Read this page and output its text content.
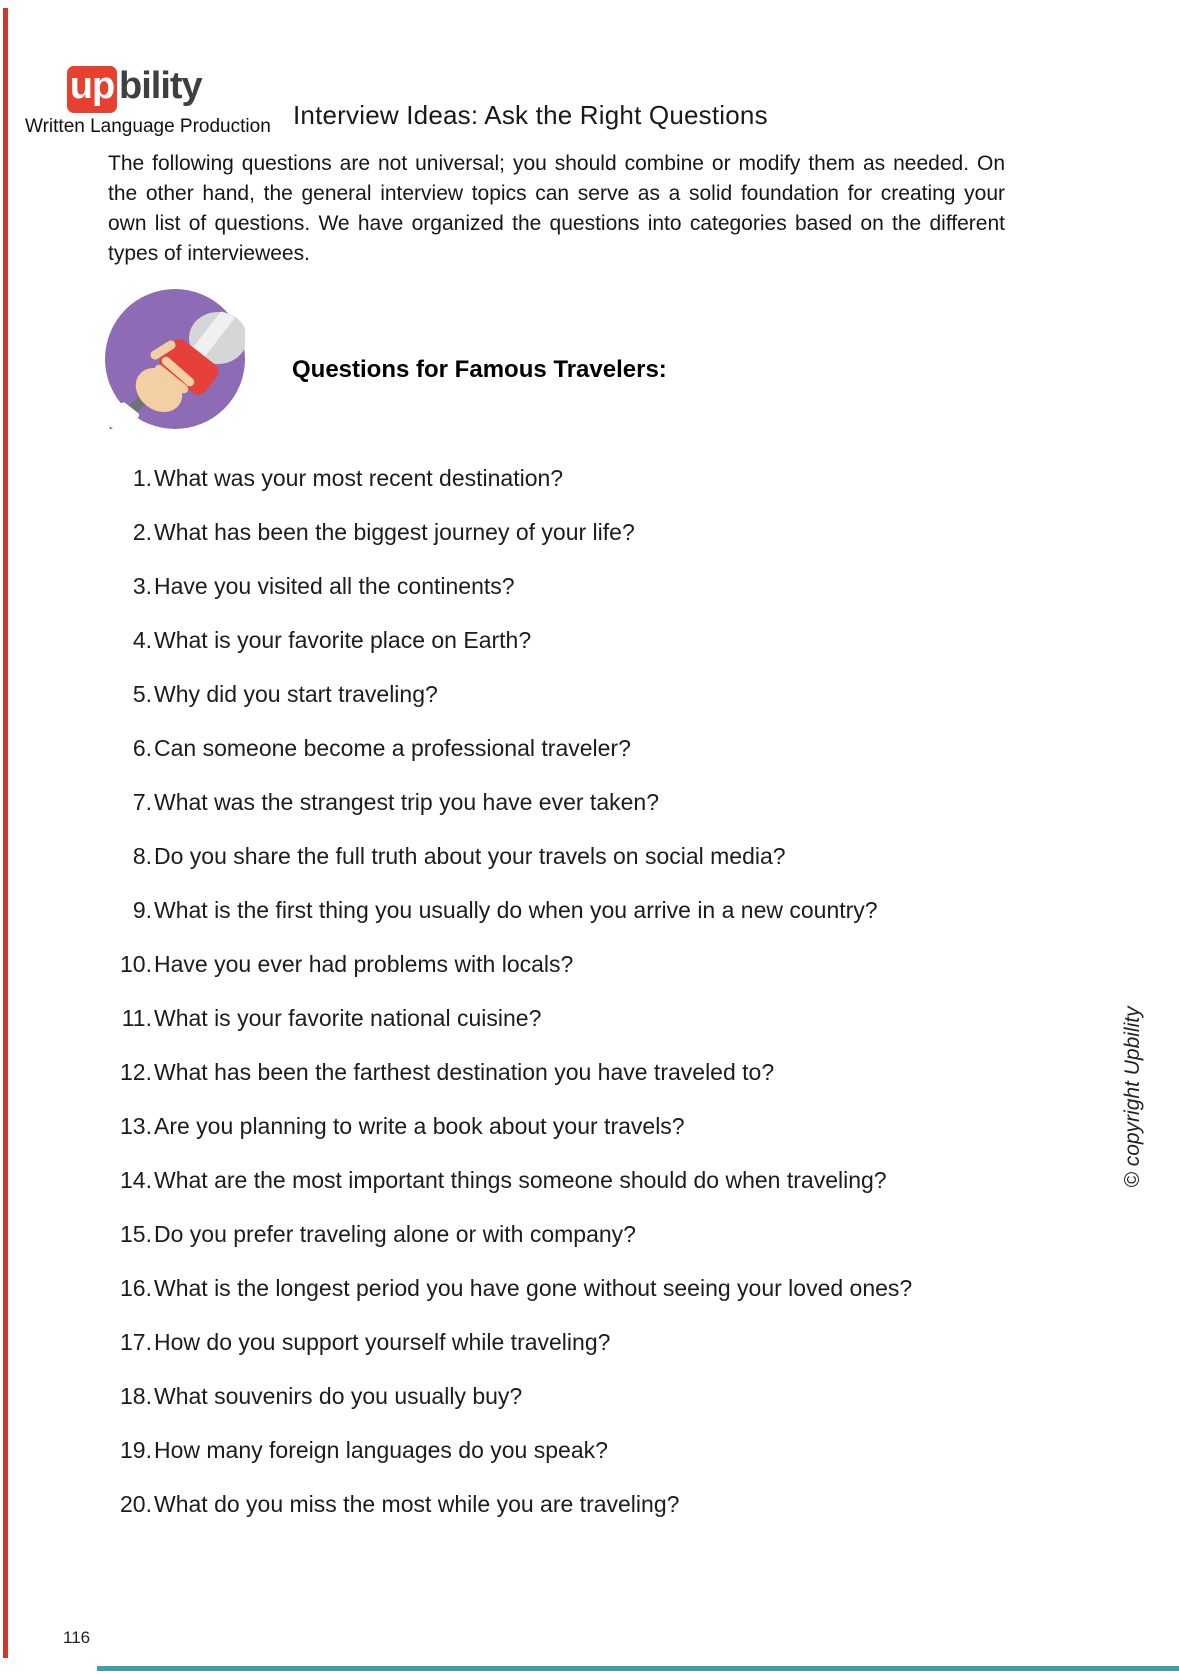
up bility
Written Language Production Interview Ideas: Ask the Right Questions

The following questions are not universal; you should combine or modify them as needed. On the other hand, the general interview topics can serve as a solid foundation for creating your own list of questions. We have organized the questions into categories based on the different types of interviewees.

Questions for Famous Travelers:
1. What was your most recent destination?
2. What has been the biggest journey of your life?
3. Have you visited all the continents?
4. What is your favorite place on Earth?
5. Why did you start traveling?
6. Can someone become a professional traveler?
7. What was the strangest trip you have ever taken?
8. Do you share the full truth about your travels on social media?
9. What is the first thing you usually do when you arrive in a new country?
10. Have you ever had problems with locals?
11. What is your favorite national cuisine?
12. What has been the farthest destination you have traveled to?
13. Are you planning to write a book about your travels?
14. What are the most important things someone should do when traveling?
15. Do you prefer traveling alone or with company?
16. What is the longest period you have gone without seeing your loved ones?
17. How do you support yourself while traveling?
18. What souvenirs do you usually buy?
19. How many foreign languages do you speak?
20. What do you miss the most while you are traveling?
© copyright Upbility
116
